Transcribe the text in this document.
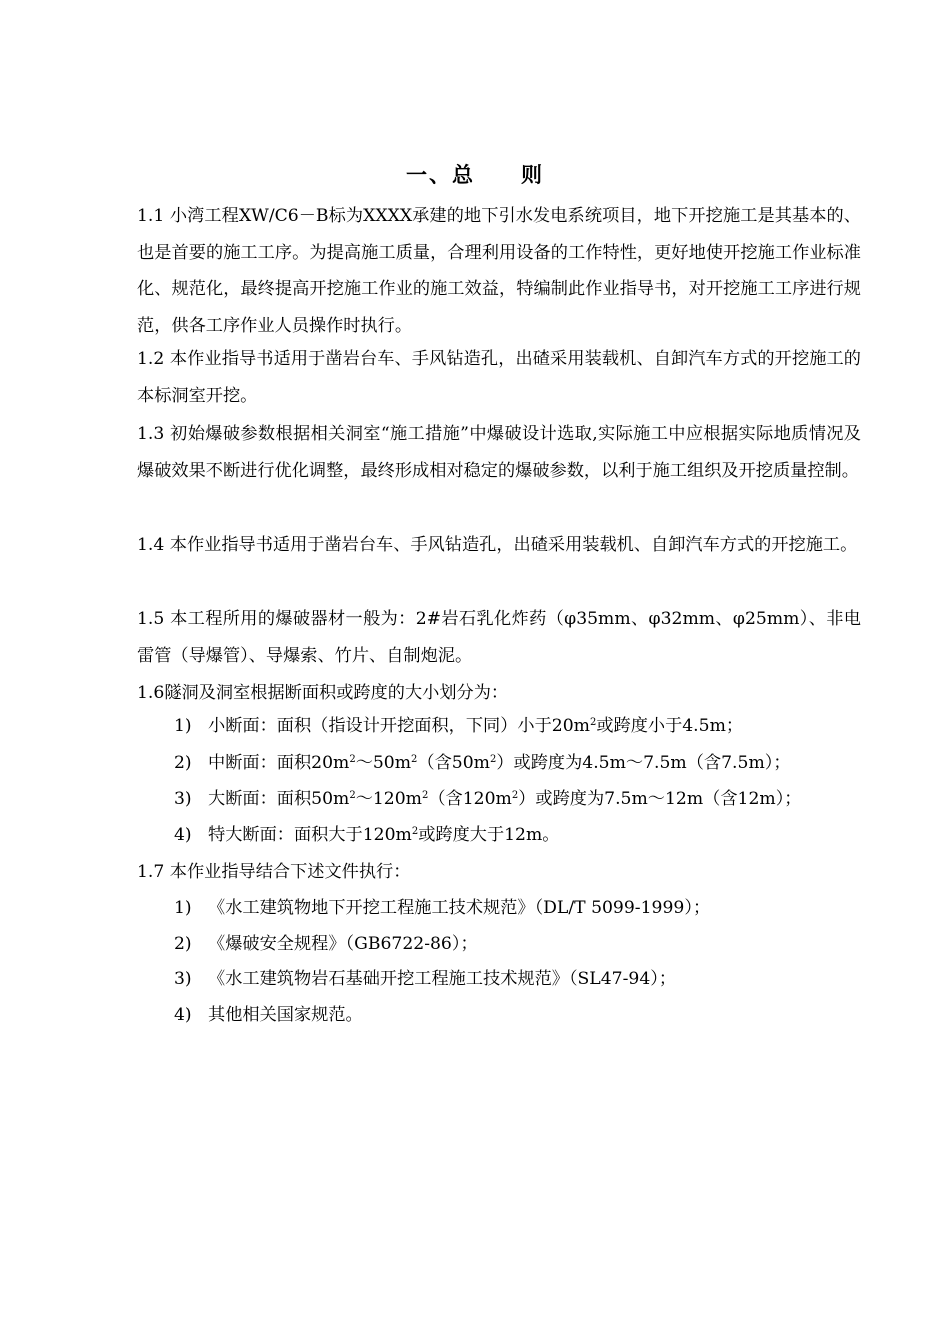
一、总　　则
1.1 小湾工程XW/C6－B标为XXXX承建的地下引水发电系统项目，地下开挖施工是其基本的、也是首要的施工工序。为提高施工质量，合理利用设备的工作特性，更好地使开挖施工作业标准化、规范化，最终提高开挖施工作业的施工效益，特编制此作业指导书，对开挖施工工序进行规范，供各工序作业人员操作时执行。
1.2 本作业指导书适用于凿岩台车、手风钻造孔，出碴采用装载机、自卸汽车方式的开挖施工的本标洞室开挖。
1.3 初始爆破参数根据相关洞室“施工措施”中爆破设计选取,实际施工中应根据实际地质情况及爆破效果不断进行优化调整，最终形成相对稳定的爆破参数，以利于施工组织及开挖质量控制。
1.4 本作业指导书适用于凿岩台车、手风钻造孔，出碴采用装载机、自卸汽车方式的开挖施工。
1.5 本工程所用的爆破器材一般为：2#岩石乳化炸药（φ35mm、φ32mm、φ25mm）、非电雷管（导爆管）、导爆索、竹片、自制炮泥。
1.6隧洞及洞室根据断面积或跨度的大小划分为：
1) 小断面：面积（指设计开挖面积，下同）小于$20m^2$或跨度小于4.5m；
2) 中断面：面积$20m^2\sim 50m^2$（含$50m^2$）或跨度为4.5m～7.5m（含7.5m）；
3) 大断面：面积$50m^2\sim 120m^2$（含$120m^2$）或跨度为7.5m～12m（含12m）；
4) 特大断面：面积大于$120m^2$或跨度大于12m。
1.7 本作业指导结合下述文件执行：
1) 《水工建筑物地下开挖工程施工技术规范》（DL/T 5099-1999）；
2) 《爆破安全规程》（GB6722-86）；
3) 《水工建筑物岩石基础开挖工程施工技术规范》（SL47-94）；
4) 其他相关国家规范。
